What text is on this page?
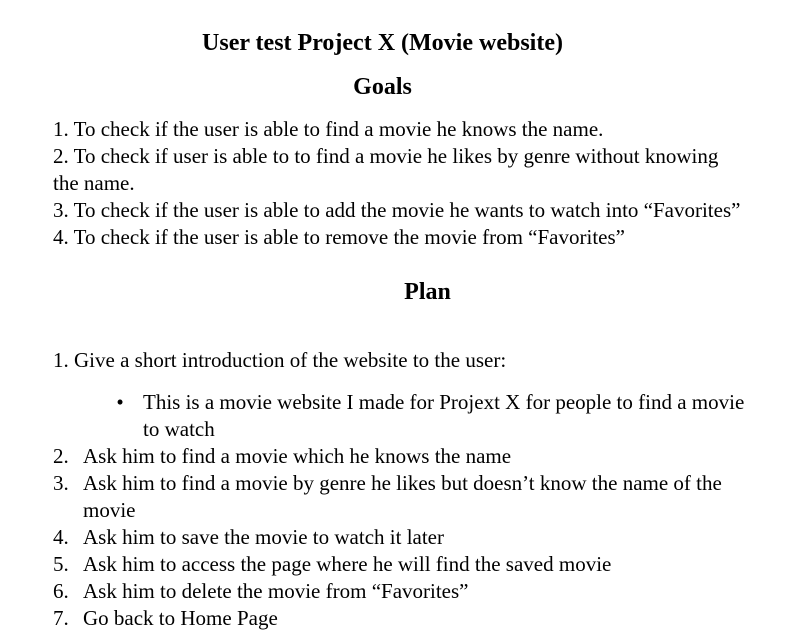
User test Project X (Movie website)
Goals
1. To check if the user is able to find a movie he knows the name.
2. To check if user is able to to find a movie he likes by genre without knowing the name.
3. To check if the user is able to add the movie he wants to watch into “Favorites”
4. To check if the user is able to remove the movie from “Favorites”
Plan

1. Give a short introduction of the website to the user:

• This is a movie website I made for Projext X for people to find a movie to watch
2. Ask him to find a movie which he knows the name
3. Ask him to find a movie by genre he likes but doesn’t know the name of the movie
4. Ask him to save the movie to watch it later
5. Ask him to access the page where he will find the saved movie
6. Ask him to delete the movie from “Favorites”
7. Go back to Home Page
